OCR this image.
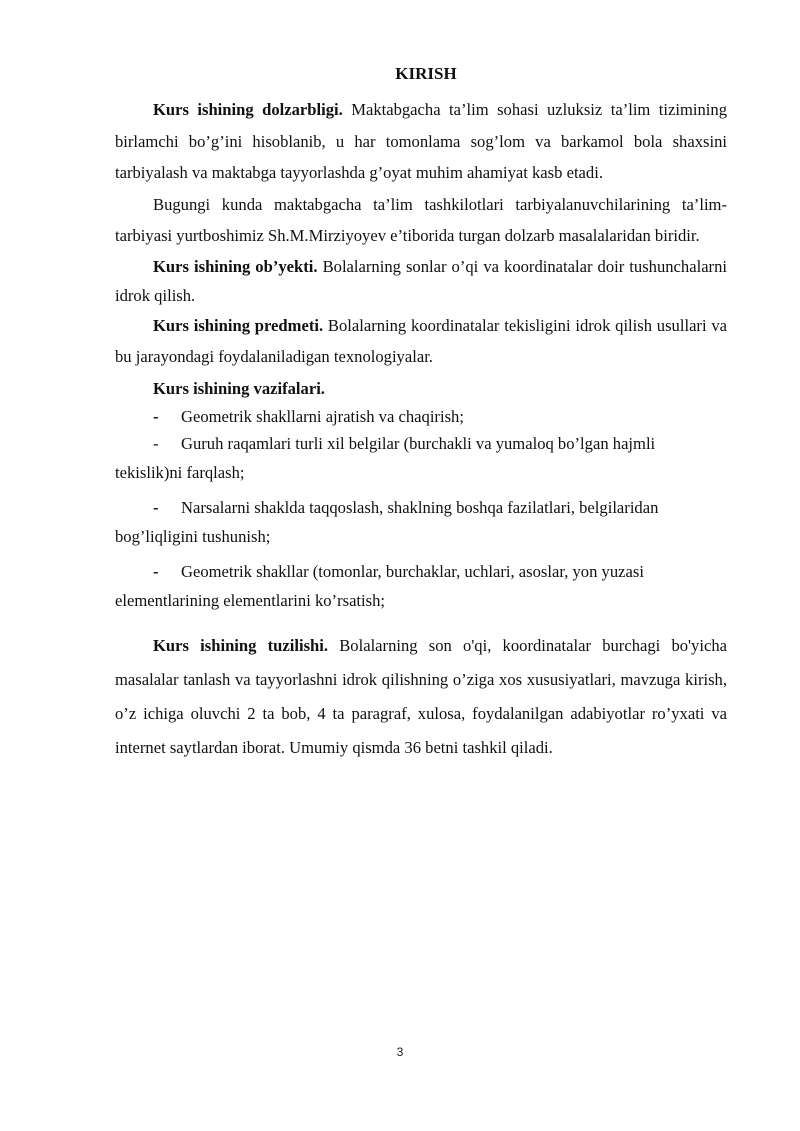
KIRISH

Kurs ishining dolzarbligi. Maktabgacha ta’lim sohasi uzluksiz ta’lim tizimining birlamchi bo’g’ini hisoblanib, u har tomonlama sog’lom va barkamol bola shaxsini tarbiyalash va maktabga tayyorlashda g’oyat muhim ahamiyat kasb etadi.

Bugungi kunda maktabgacha ta’lim tashkilotlari tarbiyalanuvchilarining ta’lim-tarbiyasi yurtboshimiz Sh.M.Mirziyoyev e’tiborida turgan dolzarb masalalaridan biridir.

Kurs ishining ob’yekti. Bolalarning sonlar o’qi va koordinatalar doir tushunchalarni idrok qilish.

Kurs ishining predmeti. Bolalarning koordinatalar tekisligini idrok qilish usullari va bu jarayondagi foydalaniladigan texnologiyalar.

Kurs ishining vazifalari.

- Geometrik shakllarni ajratish va chaqirish;
- Guruh raqamlari turli xil belgilar (burchakli va yumaloq bo’lgan hajmli
tekislik)ni farqlash;
- Narsalarni shaklda taqqoslash, shaklning boshqa fazilatlari, belgilaridan
bog’liqligini tushunish;
- Geometrik shakllar (tomonlar, burchaklar, uchlari, asoslar, yon yuzasi
elementlarining elementlarini ko’rsatish;

Kurs ishining tuzilishi. Bolalarning son o'qi, koordinatalar burchagi bo'yicha masalalar tanlash va tayyorlashni idrok qilishning o’ziga xos xususiyatlari, mavzuga kirish, o’z ichiga oluvchi 2 ta bob, 4 ta paragraf, xulosa, foydalanilgan adabiyotlar ro’yxati va internet saytlardan iborat. Umumiy qismda 36 betni tashkil qiladi.

3
